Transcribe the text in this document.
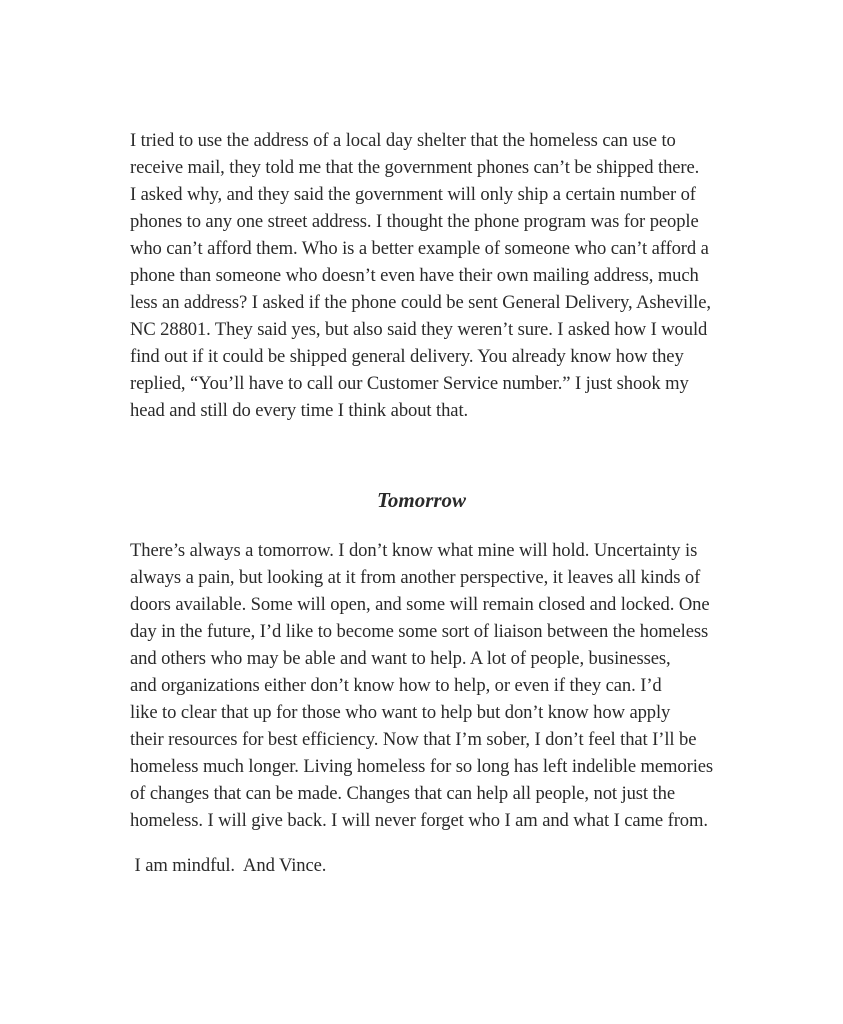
I tried to use the address of a local day shelter that the homeless can use to

receive mail, they told me that the government phones can’t be shipped there.

I asked why, and they said the government will only ship a certain number of

phones to any one street address. I thought the phone program was for people

who can’t afford them. Who is a better example of someone who can’t afford a

phone than someone who doesn’t even have their own mailing address, much

less an address? I asked if the phone could be sent General Delivery, Asheville,

NC 28801. They said yes, but also said they weren’t sure. I asked how I would

find out if it could be shipped general delivery. You already know how they

replied, “You’ll have to call our Customer Service number.” I just shook my

head and still do every time I think about that.

Tomorrow

There’s always a tomorrow. I don’t know what mine will hold. Uncertainty is

always a pain, but looking at it from another perspective, it leaves all kinds of

doors available. Some will open, and some will remain closed and locked. One

day in the future, I’d like to become some sort of liaison between the homeless

and others who may be able and want to help. A lot of people, businesses,

and organizations either don’t know how to help, or even if they can. I’d

like to clear that up for those who want to help but don’t know how apply

their resources for best efficiency. Now that I’m sober, I don’t feel that I’ll be

homeless much longer. Living homeless for so long has left indelible memories

of changes that can be made. Changes that can help all people, not just the

homeless. I will give back. I will never forget who I am and what I came from.

I am mindful.  And Vince.
